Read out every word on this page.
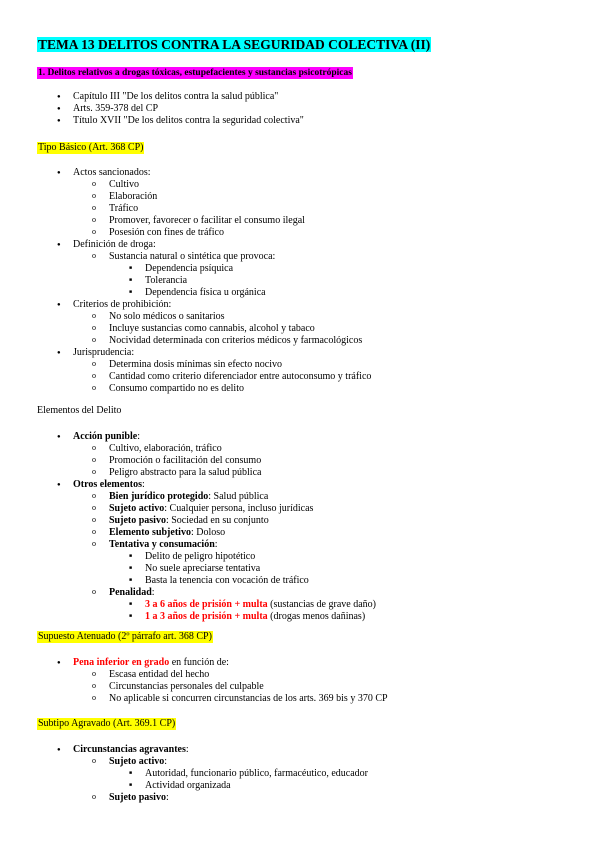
TEMA 13 DELITOS CONTRA LA SEGURIDAD COLECTIVA (II)
1. Delitos relativos a drogas tóxicas, estupefacientes y sustancias psicotrópicas
● Capítulo III "De los delitos contra la salud pública"
● Arts. 359-378 del CP
● Título XVII "De los delitos contra la seguridad colectiva"
Tipo Básico (Art. 368 CP)
● Actos sancionados:
o Cultivo
o Elaboración
o Tráfico
o Promover, favorecer o facilitar el consumo ilegal
o Posesión con fines de tráfico
● Definición de droga:
o Sustancia natural o sintética que provoca:
■ Dependencia psíquica
■ Tolerancia
■ Dependencia física u orgánica
● Criterios de prohibición:
o No solo médicos o sanitarios
o Incluye sustancias como cannabis, alcohol y tabaco
o Nocividad determinada con criterios médicos y farmacológicos
● Jurisprudencia:
o Determina dosis mínimas sin efecto nocivo
o Cantidad como criterio diferenciador entre autoconsumo y tráfico
o Consumo compartido no es delito
Elementos del Delito
● Acción punible:
o Cultivo, elaboración, tráfico
o Promoción o facilitación del consumo
o Peligro abstracto para la salud pública
● Otros elementos:
o Bien jurídico protegido: Salud pública
o Sujeto activo: Cualquier persona, incluso jurídicas
o Sujeto pasivo: Sociedad en su conjunto
o Elemento subjetivo: Doloso
o Tentativa y consumación:
■ Delito de peligro hipotético
■ No suele apreciarse tentativa
■ Basta la tenencia con vocación de tráfico
o Penalidad:
■ 3 a 6 años de prisión + multa (sustancias de grave daño)
■ 1 a 3 años de prisión + multa (drogas menos dañinas)
Supuesto Atenuado (2º párrafo art. 368 CP)
● Pena inferior en grado en función de:
o Escasa entidad del hecho
o Circunstancias personales del culpable
o No aplicable si concurren circunstancias de los arts. 369 bis y 370 CP
Subtipo Agravado (Art. 369.1 CP)
● Circunstancias agravantes:
o Sujeto activo:
■ Autoridad, funcionario público, farmacéutico, educador
■ Actividad organizada
o Sujeto pasivo:
